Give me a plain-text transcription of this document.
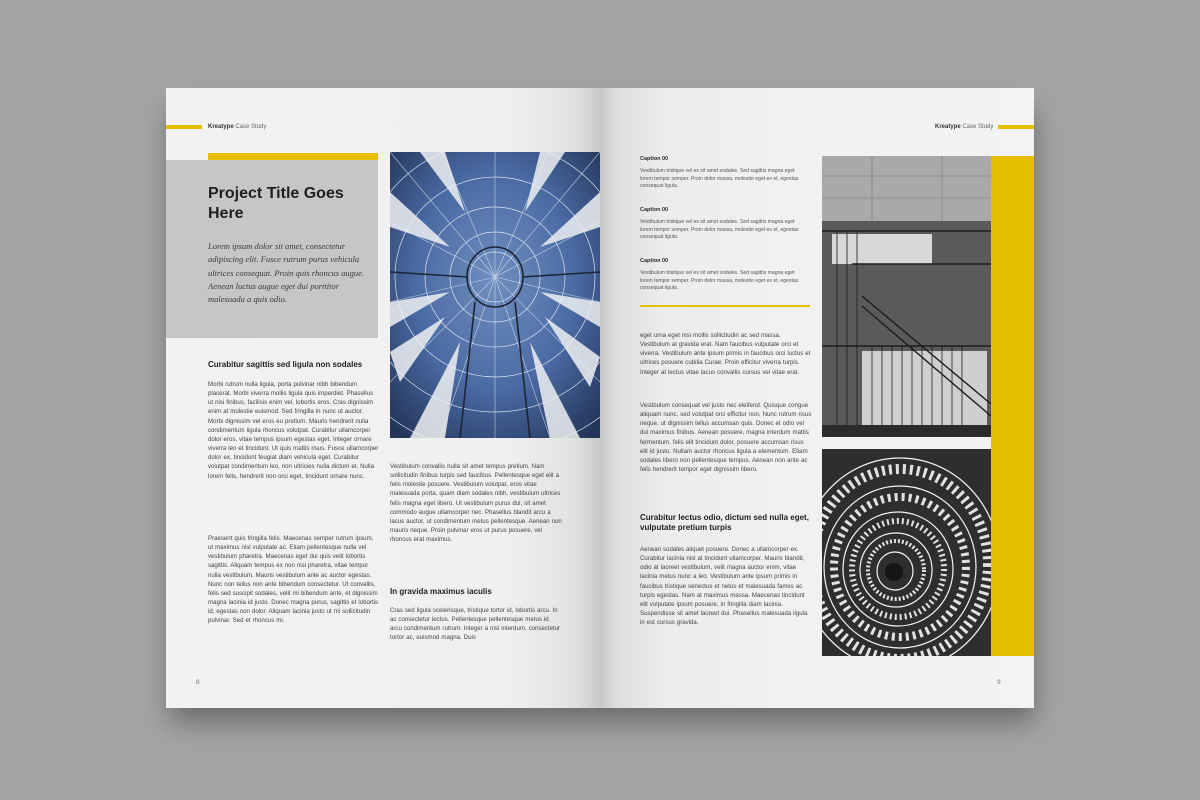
Kreatype Case Study
Project Title Goes Here
Lorem ipsum dolor sit amet, consectetur adipiscing elit. Fusce rutrum purus vehicula ultrices consequat. Proin quis rhoncus augue. Aenean luctus augue eget dui porttitor malesuada a quis odio.
Curabitur sagittis sed ligula non sodales
Morbi rutrum nulla ligula, porta pulvinar nibh bibendum placerat. Morbi viverra mollis ligula quis imperdiet. Phasellus ut nisi finibus, facilisis enim vel, lobortis eros. Cras dignissim enim at molestie euismod. Sed fringilla in nunc ut auctor. Morbi dignissim vel eros eu pretium. Mauris hendrerit nulla condimentum ligula rhoncus volutpat. Curabitur ullamcorper dolor eros, vitae tempus ipsum egestas eget. Integer ornare viverra leo et tincidunt. Ut quis mattis risus. Fusce ullamcorper dolor ex, tincidunt feugiat diam vehicula eget. Curabitur volutpat condimentum leo, non ultricies nulla dictum et. Nulla lorem felis, hendrerit non orci eget, tincidunt ornare nunc.
Praesent quis fringilla felis. Maecenas semper rutrum ipsum, ut maximus nisl vulputate ac. Etiam pellentesque nulla vel vestibulum pharetra. Maecenas eget dui quis velit lobortis sagittis. Aliquam tempus ex non nisi pharetra, vitae tempor nulla vestibulum. Mauris vestibulum ante ac auctor egestas. Nunc non tellus non ante bibendum consectetur. Ut convallis, felis sed suscipit sodales, velit mi bibendum ante, et dignissim magna lacinia id justo. Donec magna purus, sagittis et lobortis id, egestas non dolor. Aliquam lacinia justo ut mi sollicitudin pulvinar. Sed et rhoncus mi.
Vestibulum convallis nulla sit amet tempus pretium. Nam sollicitudin finibus turpis sed faucibus. Pellentesque eget elit a felis molestie posuere. Vestibulum volutpat, eros vitae malesuada porta, quam diam sodales nibh, vestibulum ultrices felis magna eget libero. Ut vestibulum purus dui, sit amet commodo augue ullamcorper nec. Phasellus blandit arcu a lacus auctor, ut condimentum metus pellentesque. Aenean non mauris neque. Proin pulvinar eros ut purus posuere, vel rhoncus erat maximus.
In gravida maximus iaculis
Cras sed ligula scelerisque, tristique tortor id, lobortis arcu. In ac consectetur lectus. Pellentesque pellentesque metus id arcu condimentum rutrum. Integer a nisl interdum, consectetur tortor ac, euismod magna. Duis
8
Kreatype Case Study
Caption 00
Vestibulum tristique vel ex sit amet sodales. Sed sagittis magna eget lorem tempor semper. Proin dolor massa, molestie eget ex et, egestas consequat ligula.
Caption 00
Vestibulum tristique vel ex sit amet sodales. Sed sagittis magna eget lorem tempor semper. Proin dolor massa, molestie eget ex et, egestas consequat ligula.
Caption 00
Vestibulum tristique vel ex sit amet sodales. Sed sagittis magna eget lorem tempor semper. Proin dolor massa, molestie eget ex et, egestas consequat ligula.
eget urna eget nisi mollis sollicitudin ac sed massa. Vestibulum at gravida erat. Nam faucibus vulputate orci et viverra. Vestibulum ante ipsum primis in faucibus orci luctus et ultrices posuere cubilia Curae; Proin efficitur viverra turpis. Integer at lectus vitae lacus convallis cursus vel vitae erat.
Vestibulum consequat vel justo nec eleifend. Quisque congue aliquam nunc, sed volutpat orci efficitur non. Nunc rutrum risus neque, ut dignissim tellus accumsan quis. Donec et odio vel dui maximus finibus. Aenean posuere, magna interdum mattis fermentum, felis elit tincidunt dolor, posuere accumsan risus elit id justo. Nullam auctor rhoncus ligula a elementum. Etiam sodales libero non pellentesque tempus. Aenean non ante ac felis hendrerit tempor eget dignissim libero.
Curabitur lectus odio, dictum sed nulla eget, vulputate pretium turpis
Aenean sodales aliquet posuere. Donec a ullamcorper ex. Curabitur lacinia nisl at tincidunt ullamcorper. Mauris blandit, odio at laoreet vestibulum, velit magna auctor enim, vitae lacinia metus nunc a leo. Vestibulum ante ipsum primis in faucibus tristique senectus et netus et malesuada fames ac turpis egestas. Nam at maximus massa. Maecenas tincidunt elit vulputate ipsum posuere, in fringilla diam lacinia. Suspendisse sit amet laoreet dui. Phasellus malesuada ligula in est cursus gravida.
9
